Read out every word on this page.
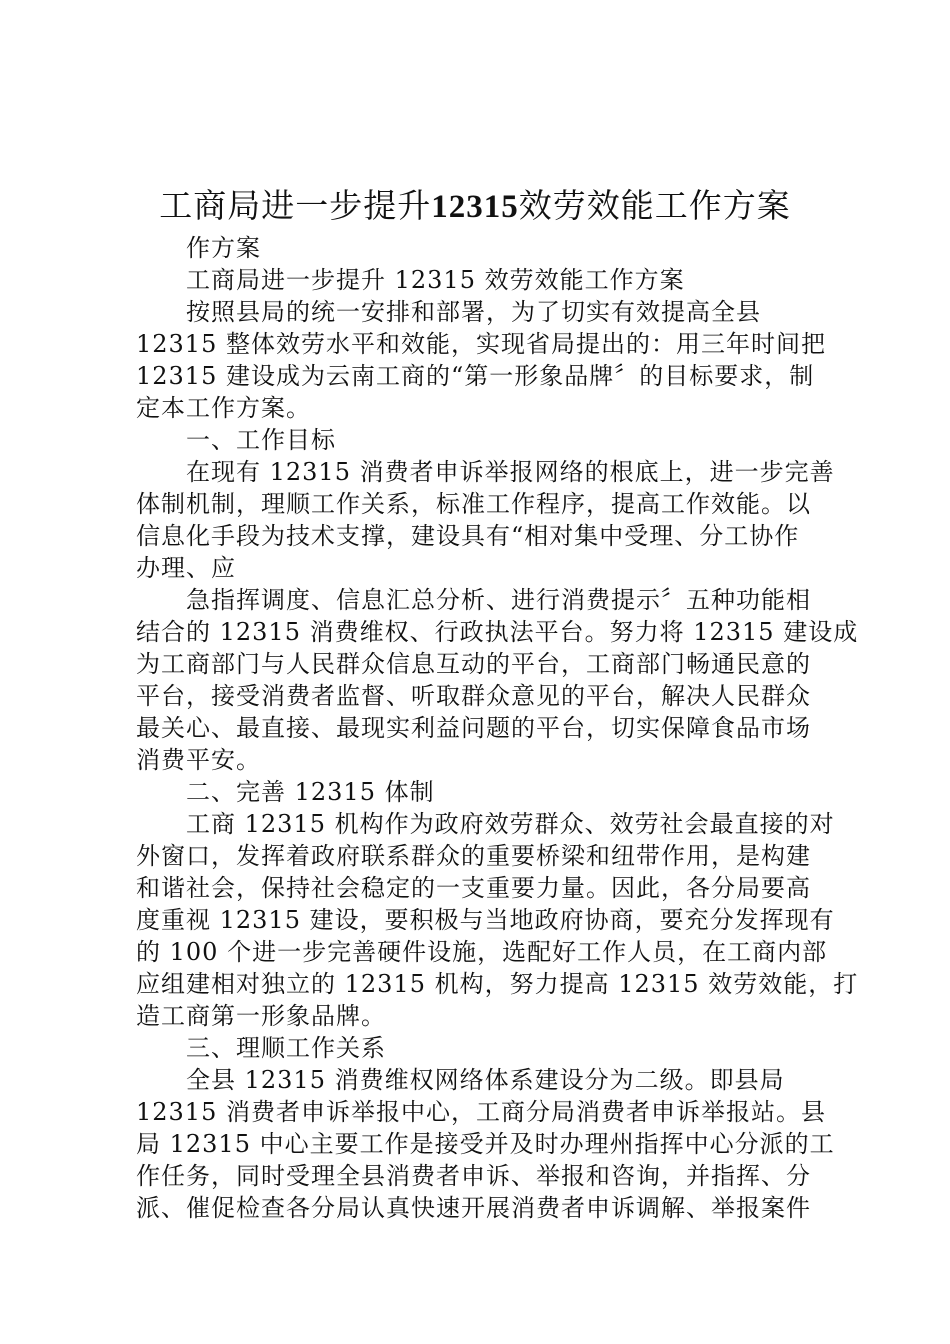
工商局进一步提升12315效劳效能工作方案
作方案
工商局进一步提升 12315 效劳效能工作方案
按照县局的统一安排和部署，为了切实有效提高全县
12315 整体效劳水平和效能，实现省局提出的：用三年时间把
12315 建设成为云南工商的“第一形象品牌〞的目标要求，制
定本工作方案。
一、工作目标
在现有 12315 消费者申诉举报网络的根底上，进一步完善
体制机制，理顺工作关系，标准工作程序，提高工作效能。以
信息化手段为技术支撑，建设具有“相对集中受理、分工协作
办理、应
急指挥调度、信息汇总分析、进行消费提示〞五种功能相
结合的 12315 消费维权、行政执法平台。努力将 12315 建设成
为工商部门与人民群众信息互动的平台，工商部门畅通民意的
平台，接受消费者监督、听取群众意见的平台，解决人民群众
最关心、最直接、最现实利益问题的平台，切实保障食品市场
消费平安。
二、完善 12315 体制
工商 12315 机构作为政府效劳群众、效劳社会最直接的对
外窗口，发挥着政府联系群众的重要桥梁和纽带作用，是构建
和谐社会，保持社会稳定的一支重要力量。因此，各分局要高
度重视 12315 建设，要积极与当地政府协商，要充分发挥现有
的 100 个进一步完善硬件设施，选配好工作人员，在工商内部
应组建相对独立的 12315 机构，努力提高 12315 效劳效能，打
造工商第一形象品牌。
三、理顺工作关系
全县 12315 消费维权网络体系建设分为二级。即县局
12315 消费者申诉举报中心，工商分局消费者申诉举报站。县
局 12315 中心主要工作是接受并及时办理州指挥中心分派的工
作任务，同时受理全县消费者申诉、举报和咨询，并指挥、分
派、催促检查各分局认真快速开展消费者申诉调解、举报案件
